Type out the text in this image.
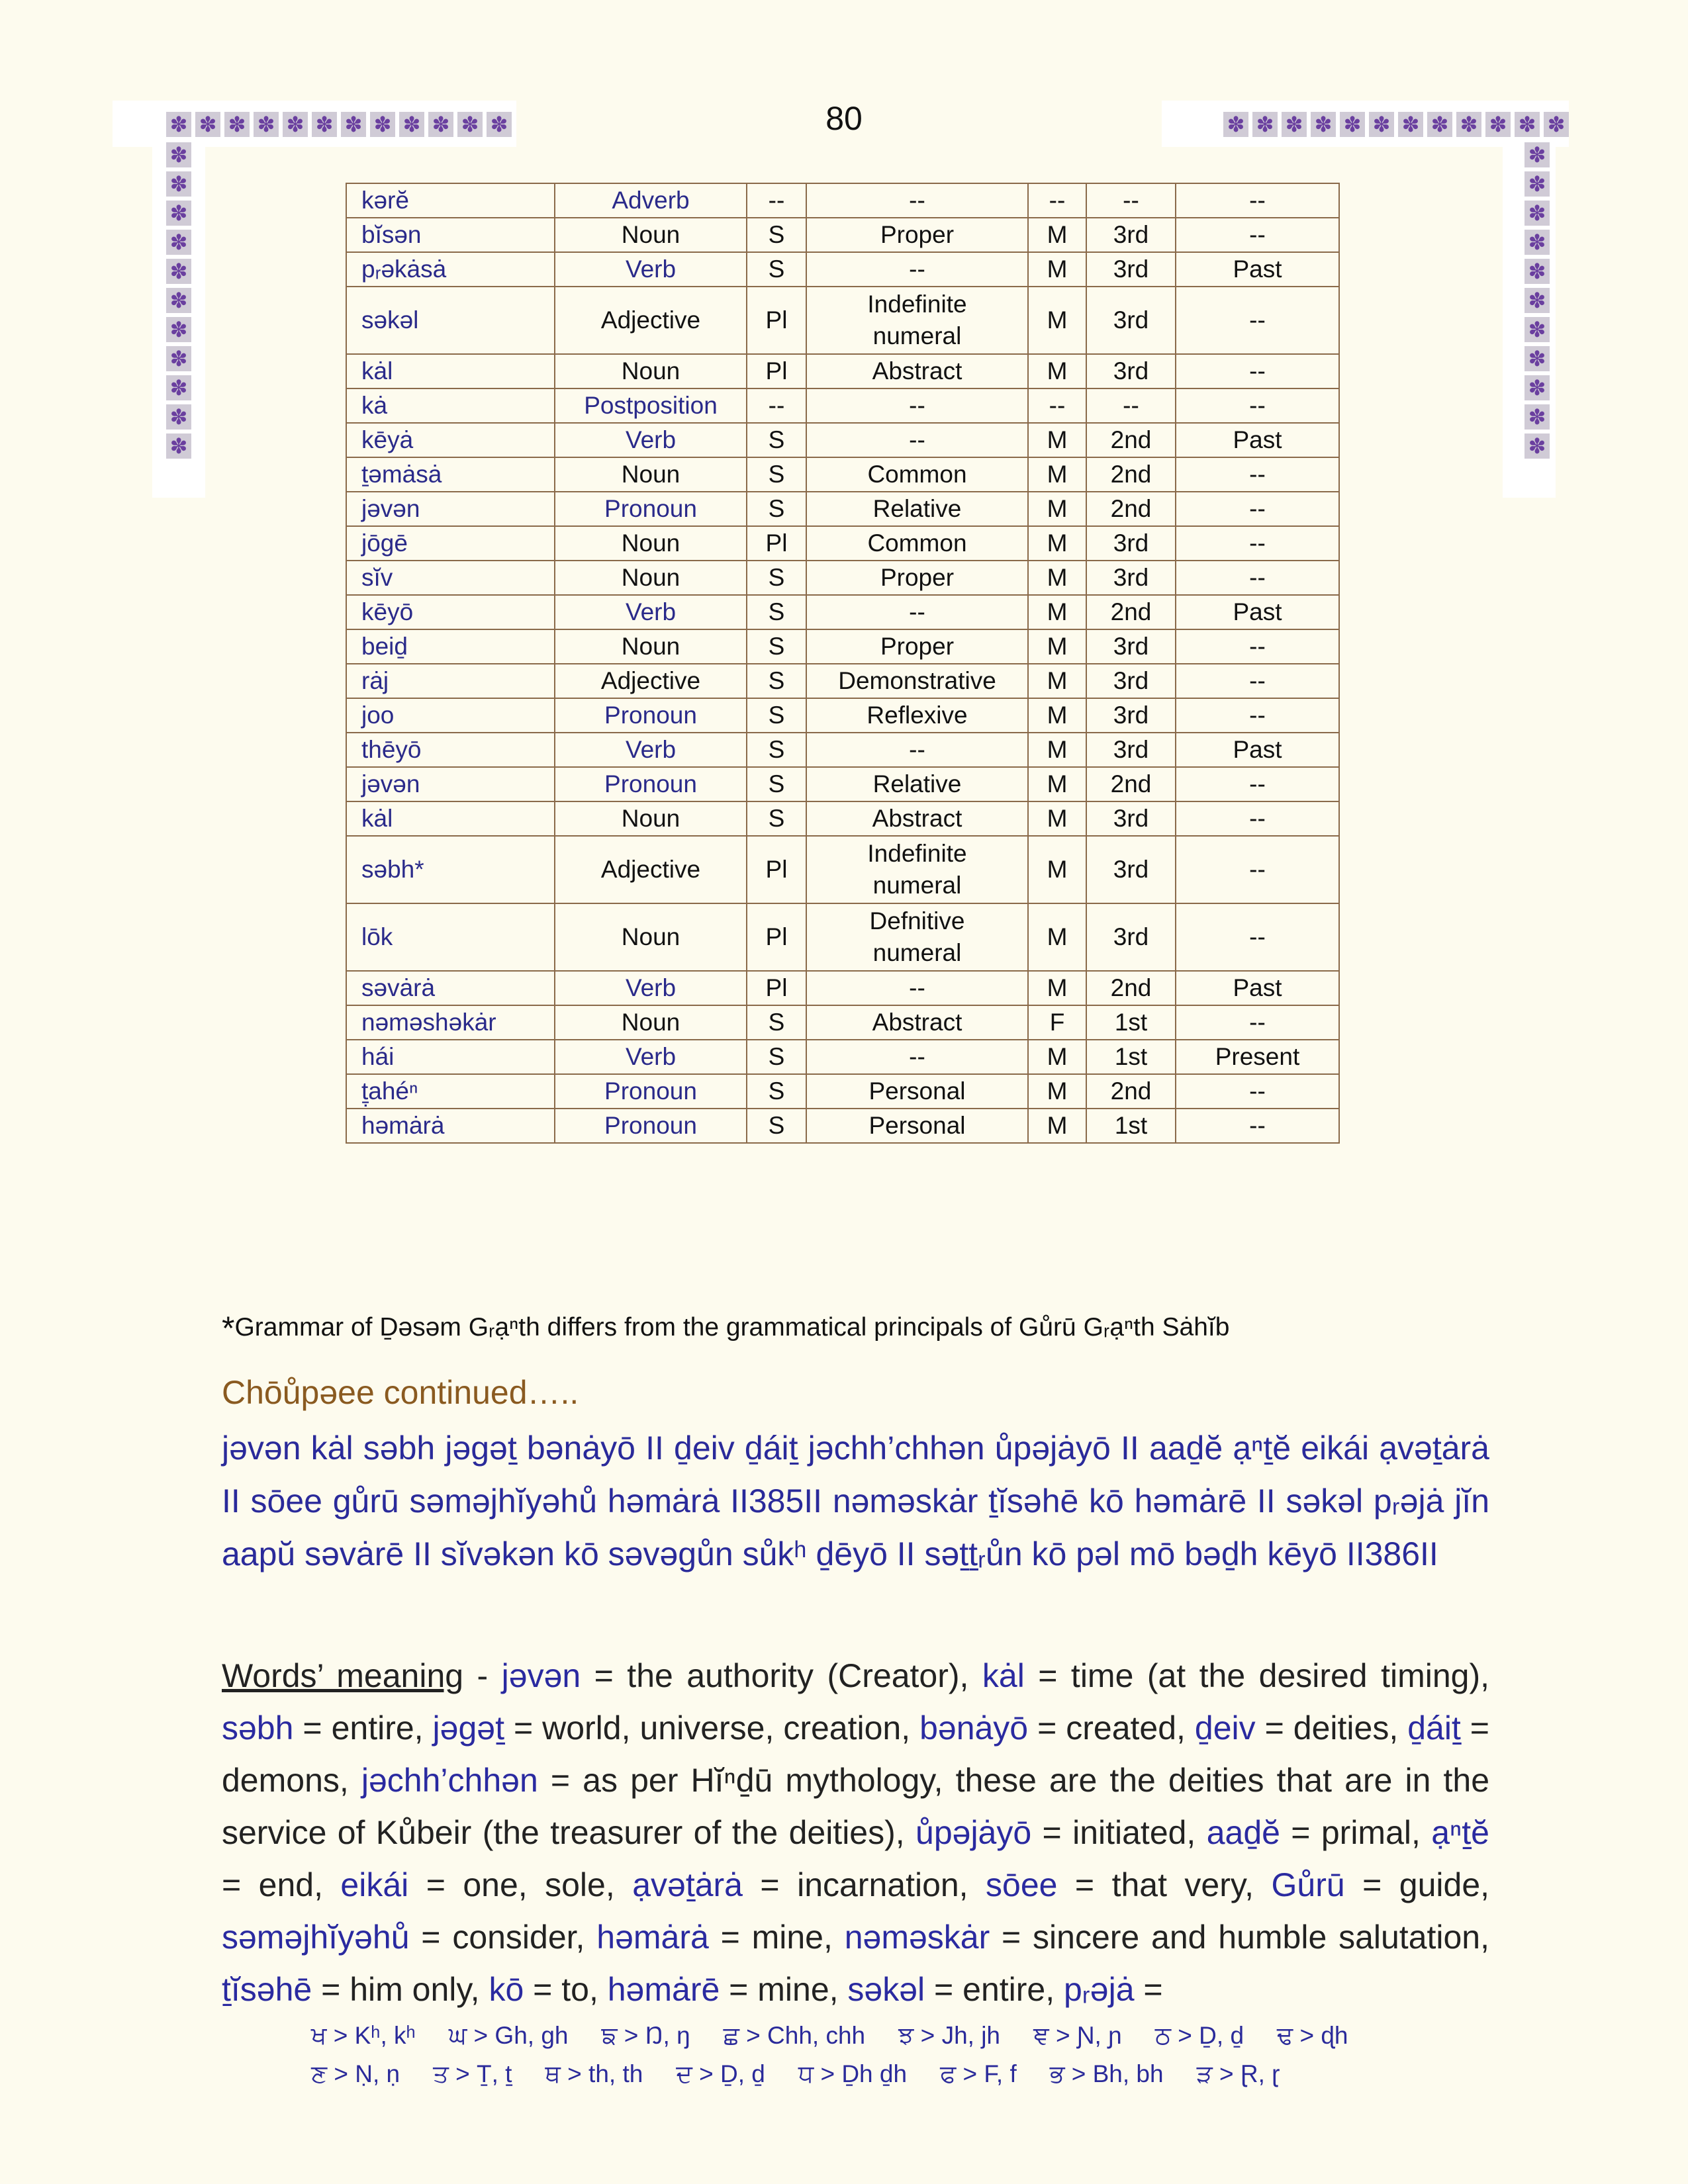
✽ ✽ ✽ ✽ ✽ ✽ ✽ ✽ ✽ ✽ ✽ ✽	✽ ✽ ✽ ✽ ✽ ✽ ✽ ✽ ✽ ✽ ✽ ✽
✽
✽
✽
✽
✽
✽
✽
✽
✽
✽
✽
✽
✽
✽
✽
✽
✽
✽
✽
✽
✽
✽
80
kərĕ	Adverb	--	--	--	--	--
bĭsən	Noun	S	Proper	M	3rd	--
pᵣəkȧsȧ	Verb	S	--	M	3rd	Past
səkəl	Adjective	Pl	Indefinite numeral	M	3rd	--
kȧl	Noun	Pl	Abstract	M	3rd	--
kȧ	Postposition	--	--	--	--	--
kēyȧ	Verb	S	--	M	2nd	Past
ṯəmȧsȧ	Noun	S	Common	M	2nd	--
jəvən	Pronoun	S	Relative	M	2nd	--
jōgē	Noun	Pl	Common	M	3rd	--
sĭv	Noun	S	Proper	M	3rd	--
kēyō	Verb	S	--	M	2nd	Past
beiḏ	Noun	S	Proper	M	3rd	--
rȧj	Adjective	S	Demonstrative	M	3rd	--
joo	Pronoun	S	Reflexive	M	3rd	--
thēyō	Verb	S	--	M	3rd	Past
jəvən	Pronoun	S	Relative	M	2nd	--
kȧl	Noun	S	Abstract	M	3rd	--
səbh*	Adjective	Pl	Indefinite numeral	M	3rd	--
lōk	Noun	Pl	Defnitive numeral	M	3rd	--
səvȧrȧ	Verb	Pl	--	M	2nd	Past
nəməshəkȧr	Noun	S	Abstract	F	1st	--
hái	Verb	S	--	M	1st	Present
ṯ̣ahéⁿ	Pronoun	S	Personal	M	2nd	--
həmȧrȧ	Pronoun	S	Personal	M	1st	--
*Grammar of Ḏəsəm Gᵣạⁿth differs from the grammatical principals of Gůrū Gᵣạⁿth Sȧhĭb
Chōůpəee continued…..
jəvən kȧl səbh jəgəṯ bənȧyō II ḏeiv ḏáiṯ jəchh’chhən ůpəjȧyō II aaḏĕ ạⁿṯĕ eikái ạvəṯȧrȧ II sōee gůrū səməjhĭyəhů həmȧrȧ II385II nəməskȧr ṯĭsəhē kō həmȧrē II səkəl pᵣəjȧ jĭn aapŭ səvȧrē II sĭvəkən kō səvəgůn sůkʰ ḏēyō II səṯṯᵣůn kō pəl mō bəḏh kēyō II386II
Words’ meaning - jəvən = the authority (Creator), kȧl = time (at the desired timing), səbh = entire, jəgəṯ = world, universe, creation, bənȧyō = created, ḏeiv = deities, ḏáiṯ = demons, jəchh’chhən = as per Hĭⁿḏū mythology, these are the deities that are in the service of Kůbeir (the treasurer of the deities), ůpəjȧyō = initiated, aaḏĕ = primal, ạⁿṯĕ = end, eikái = one, sole, ạvəṯȧrȧ = incarnation, sōee = that very, Gůrū = guide, səməjhĭyəhů = consider, həmȧrȧ = mine, nəməskȧr = sincere and humble salutation, ṯĭsəhē = him only, kō = to, həmȧrē = mine, səkəl = entire, pᵣəjȧ =
ਖ > Kʰ, kʰ ਘ > Gh, gh ਙ > Ŋ, ŋ ਛ > Chh, chh ਝ > Jh, jh ਞ > Ɲ, ɲ ਠ > Ḏ, ḏ ਢ > ɖh
ਣ > Ṇ, ṇ ਤ > Ṯ, ṯ ਥ > th, th ਦ > Ḏ, ḏ ਧ > Ḏh ḏh ਫ > F, f ਭ > Bh, bh ੜ > Ɽ, ɽ
